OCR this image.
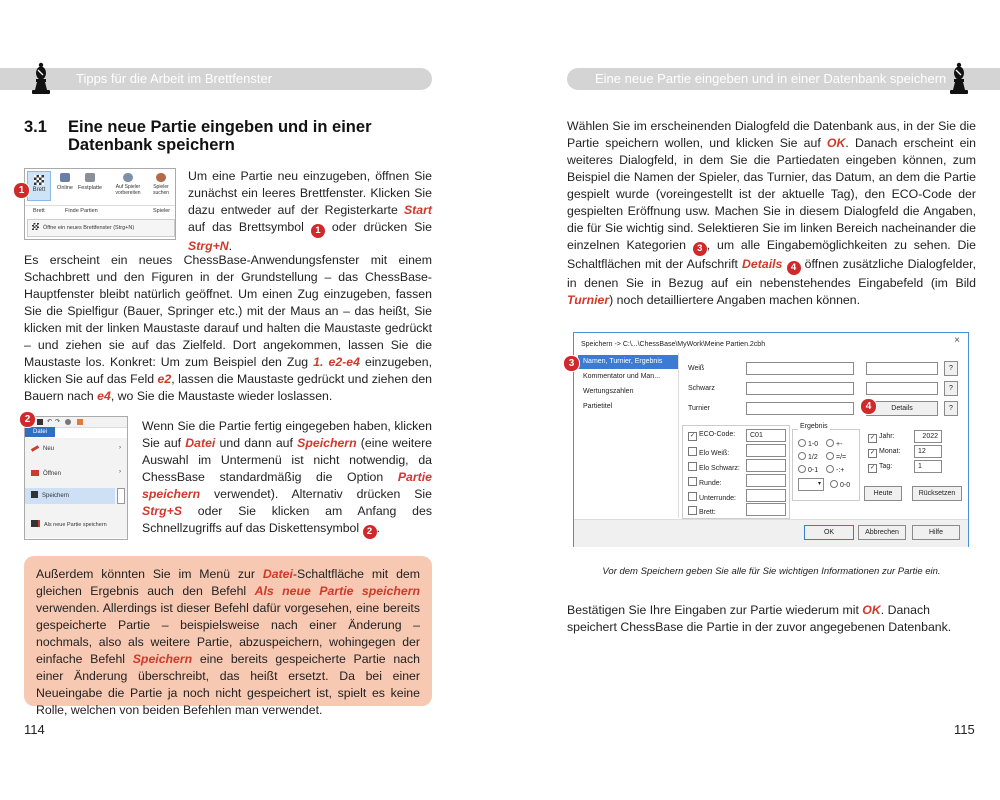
Tipps für die Arbeit im Brettfenster
3.1 Eine neue Partie eingeben und in einer
Datenbank speichern
Brett	Online Festplatte	Auf Spieler vorbereiten
Spieler suchen
Brett	Finde Partien	Spieler
Öffne ein neues Brettfenster (Strg+N)
1
Um eine Partie neu einzugeben, öffnen Sie zunächst ein leeres Brettfenster. Klicken Sie dazu entweder auf der Registerkarte Start auf das Brettsymbol 1 oder drücken Sie Strg+N.
Es erscheint ein neues ChessBase-Anwendungsfenster mit einem Schachbrett und den Figuren in der Grundstellung – das ChessBase-Hauptfenster bleibt natürlich geöffnet. Um einen Zug einzugeben, fassen Sie die Spielfigur (Bauer, Springer etc.) mit der Maus an – das heißt, Sie klicken mit der linken Maustaste darauf und halten die Maustaste gedrückt – und ziehen sie auf das Zielfeld. Dort angekommen, lassen Sie die Maustaste los. Konkret: Um zum Beispiel den Zug 1. e2-e4 einzugeben, klicken Sie auf das Feld e2, lassen die Maustaste gedrückt und ziehen den Bauern nach e4, wo Sie die Maustaste wieder loslassen.
↶ ↷
Datei
Neu	›
Öffnen	›
Speichern
Als neue Partie speichern
2	Wenn Sie die Partie fertig eingegeben haben, klicken Sie auf Datei und dann auf Speichern (eine weitere Auswahl im Untermenü ist nicht notwendig, da ChessBase standardmäßig die Option Partie speichern verwendet). Alternativ drücken Sie Strg+S oder Sie klicken am Anfang des Schnellzugriffs auf das Diskettensymbol 2 .
Außerdem könnten Sie im Menü zur Datei-Schaltfläche mit dem gleichen Ergebnis auch den Befehl Als neue Partie speichern verwenden. Allerdings ist dieser Befehl dafür vorgesehen, eine bereits gespeicherte Partie – beispielsweise nach einer Änderung – nochmals, also als weitere Partie, abzuspeichern, wohingegen der einfache Befehl Speichern eine bereits gespeicherte Partie nach einer Änderung überschreibt, das heißt ersetzt. Da bei einer Neueingabe die Partie ja noch nicht gespeichert ist, spielt es keine Rolle, welchen von beiden Befehlen man verwendet.
114
Eine neue Partie eingeben und in einer Datenbank speichern
Wählen Sie im erscheinenden Dialogfeld die Datenbank aus, in der Sie die Partie speichern wollen, und klicken Sie auf OK. Danach erscheint ein weiteres Dialogfeld, in dem Sie die Partiedaten eingeben können, zum Beispiel die Namen der Spieler, das Turnier, das Datum, an dem die Partie gespielt wurde (voreingestellt ist der aktuelle Tag), den ECO-Code der gespielten Eröffnung usw. Machen Sie in diesem Dialogfeld die Angaben, die für Sie wichtig sind. Selektieren Sie im linken Bereich nacheinander die einzelnen Kategorien 3 , um alle Eingabemöglichkeiten zu sehen. Die Schaltflächen mit der Aufschrift Details 4 öffnen zusätzliche Dialogfelder, in denen Sie in Bezug auf ein nebenstehendes Eingabefeld (im Bild Turnier) noch detailliertere Angaben machen können.
Speichern -> C:\...\ChessBase\MyWork\Meine Partien.2cbh	×
Namen, Turnier, Ergebnis
Kommentator und Man...
Wertungszahlen
Partietitel
Weiß	?
Schwarz	?
Turnier	Details	?
✓ ECO-Code:	C01
Elo Weiß:
Elo Schwarz:
Runde:
Unterrunde:
Brett:
Ergebnis
1-0	+-
1/2	=/=
0-1	-:+
▾	0-0
✓ Jahr:	2022
✓ Monat:	12
✓ Tag:	1
Heute	Rücksetzen
OK	Abbrechen	Hilfe
3
4
Vor dem Speichern geben Sie alle für Sie wichtigen Informationen zur Partie ein.
Bestätigen Sie Ihre Eingaben zur Partie wiederum mit OK. Danach speichert ChessBase die Partie in der zuvor angegebenen Datenbank.
115
